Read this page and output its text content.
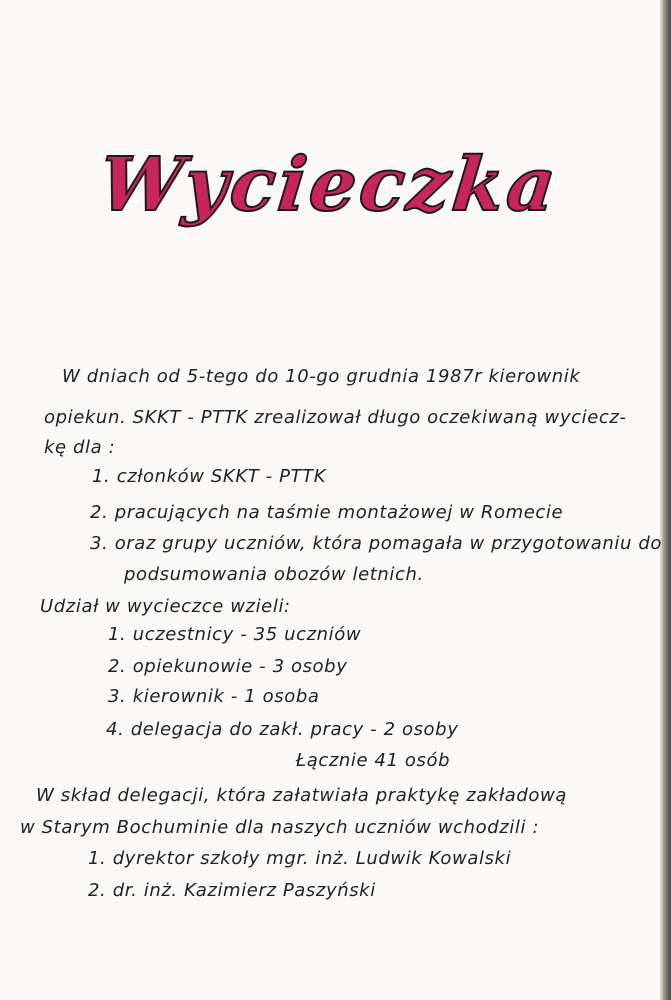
Wycieczka
W dniach od 5-tego do 10-go grudnia 1987r kierownik
opiekun. SKKT - PTTK zrealizował długo oczekiwaną wyciecz-
kę dla :
1. członków SKKT - PTTK
2. pracujących na taśmie montażowej w Romecie
3. oraz grupy uczniów, która pomagała w przygotowaniu do
podsumowania obozów letnich.
Udział w wycieczce wzieli:
1. uczestnicy - 35 uczniów
2. opiekunowie - 3 osoby
3. kierownik - 1 osoba
4. delegacja do zakł. pracy - 2 osoby
Łącznie 41 osób
W skład delegacji, która załatwiała praktykę zakładową
w Starym Bochuminie dla naszych uczniów wchodzili :
1. dyrektor szkoły mgr. inż. Ludwik Kowalski
2. dr. inż. Kazimierz Paszyński
